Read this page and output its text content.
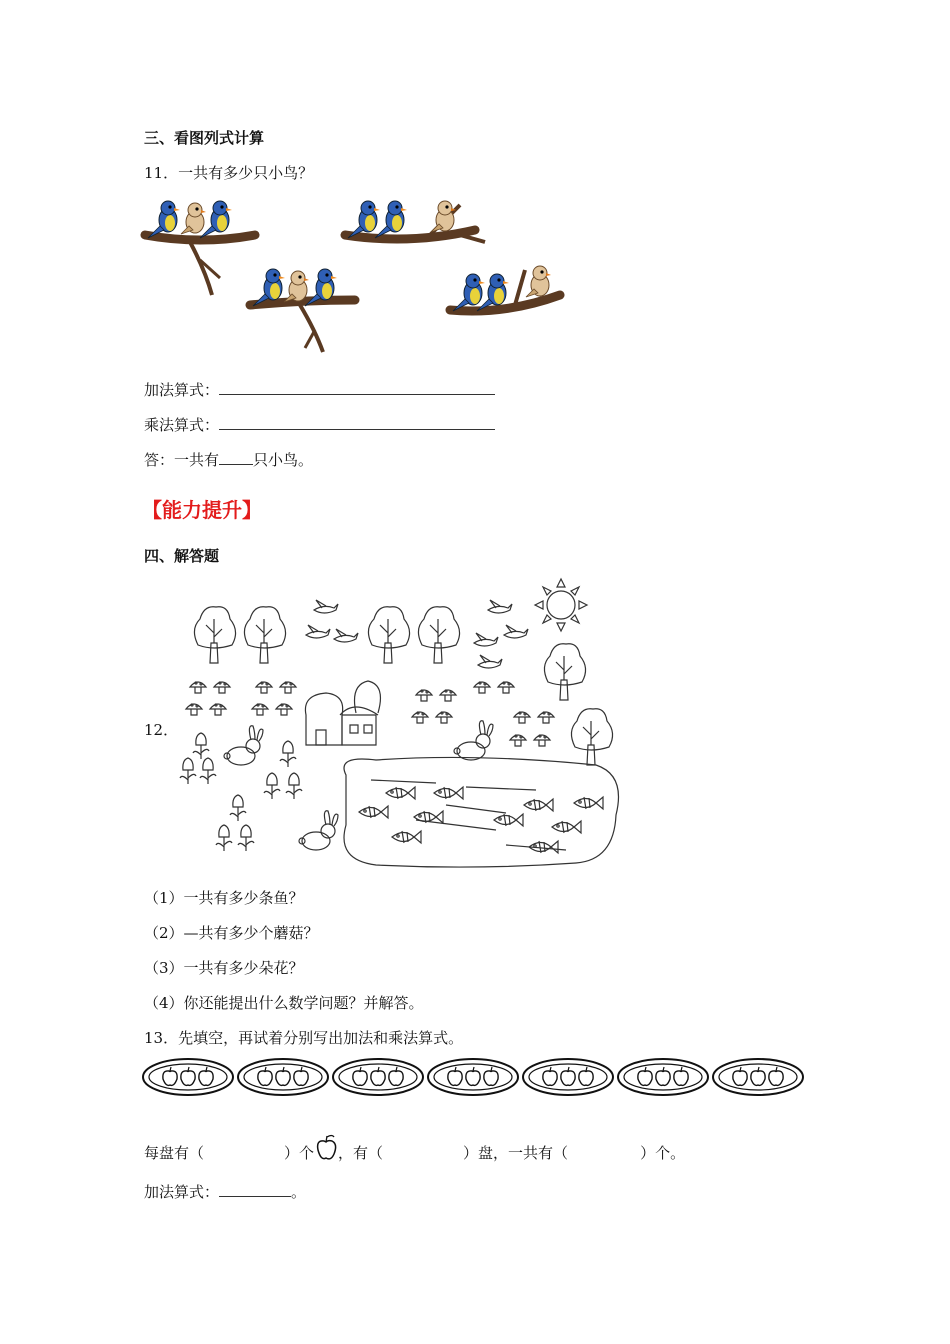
三、看图列式计算
11．一共有多少只小鸟？
加法算式：
乘法算式：
答：一共有 只小鸟。
【能力提升】
四、解答题
12．
（1）一共有多少条鱼？
（2）—共有多少个蘑菇？
（3）一共有多少朵花？
（4）你还能提出什么数学问题？并解答。
13．先填空，再试着分别写出加法和乘法算式。
每盘有（	）个 ，有（	）盘，一共有（	）个。
加法算式：	。
